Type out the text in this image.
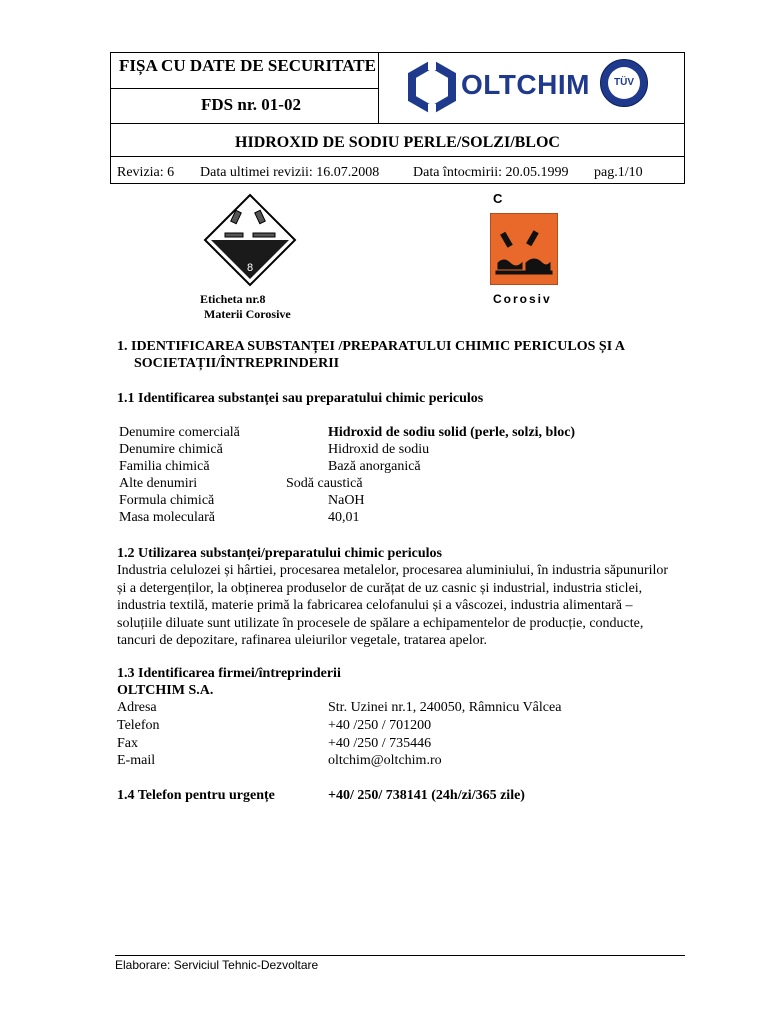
FIȘA CU DATE DE SECURITATE
FDS nr. 01-02
OLTCHIM	TÜV
HIDROXID DE SODIU PERLE/SOLZI/BLOC
Revizia: 6 Data ultimei revizii: 16.07.2008 Data întocmirii: 20.05.1999 pag.1/10
8
Eticheta nr.8
Materii Corosive
C
Corosiv
1. IDENTIFICAREA SUBSTANȚEI /PREPARATULUI CHIMIC PERICULOS ȘI A
SOCIETAȚII/ÎNTREPRINDERII
1.1 Identificarea substanței sau preparatului chimic periculos
Denumire comercială	Hidroxid de sodiu solid (perle, solzi, bloc)
Denumire chimică	Hidroxid de sodiu
Familia chimică	Bază anorganică
Alte denumiri	Sodă caustică
Formula chimică	NaOH
Masa moleculară	40,01
1.2 Utilizarea substanței/preparatului chimic periculos
Industria celulozei și hârtiei, procesarea metalelor, procesarea aluminiului, în industria săpunurilor
și a detergenților, la obținerea produselor de curățat de uz casnic și industrial, industria sticlei,
industria textilă, materie primă la fabricarea celofanului și a vâscozei, industria alimentară –
soluțiile diluate sunt utilizate în procesele de spălare a echipamentelor de producție, conducte,
tancuri de depozitare, rafinarea uleiurilor vegetale, tratarea apelor.
1.3 Identificarea firmei/întreprinderii
OLTCHIM S.A.
Adresa	Str. Uzinei nr.1, 240050, Râmnicu Vâlcea
Telefon	+40 /250 / 701200
Fax	+40 /250 / 735446
E-mail	oltchim@oltchim.ro
1.4 Telefon pentru urgențe	+40/ 250/ 738141 (24h/zi/365 zile)
Elaborare: Serviciul Tehnic-Dezvoltare
